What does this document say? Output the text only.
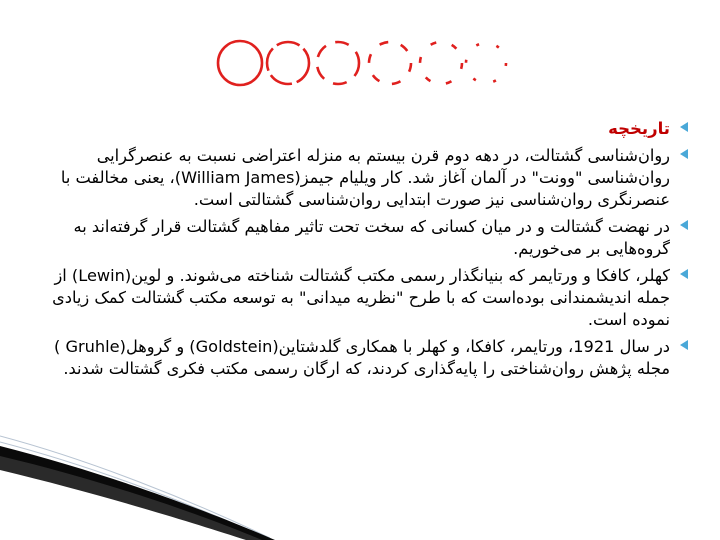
تاریخچه
روان‌شناسی گشتالت، در دهه دوم قرن بیستم به منزله اعتراضی نسبت به عنصرگرایی روان‌شناسی "وونت" در آلمان آغاز شد. کار ویلیام جیمز(William James)، یعنی مخالفت با عنصرنگری روان‌شناسی نیز صورت ابتدایی روان‌شناسی گشتالتی است.
در نهضت گشتالت و در میان کسانی که سخت تحت تاثیر مفاهیم گشتالت قرار گرفته‌اند به گروه‌هایی بر می‌خوریم.
کهلر، کافکا و ورتایمر که بنیانگذار رسمی مکتب گشتالت شناخته می‌شوند. و لوین(Lewin) از جمله اندیشمندانی بوده‌است که با طرح "نظریه میدانی" به توسعه مکتب گشتالت کمک زیادی نموده است.
در سال 1921، ورتایمر، کافکا، و کهلر با همکاری گلدشتاین(Goldstein) و گروهل(Gruhle ) مجله پژهش روان‌شناختی را پایه‌گذاری کردند، که ارگان رسمی مکتب فکری گشتالت شدند.
